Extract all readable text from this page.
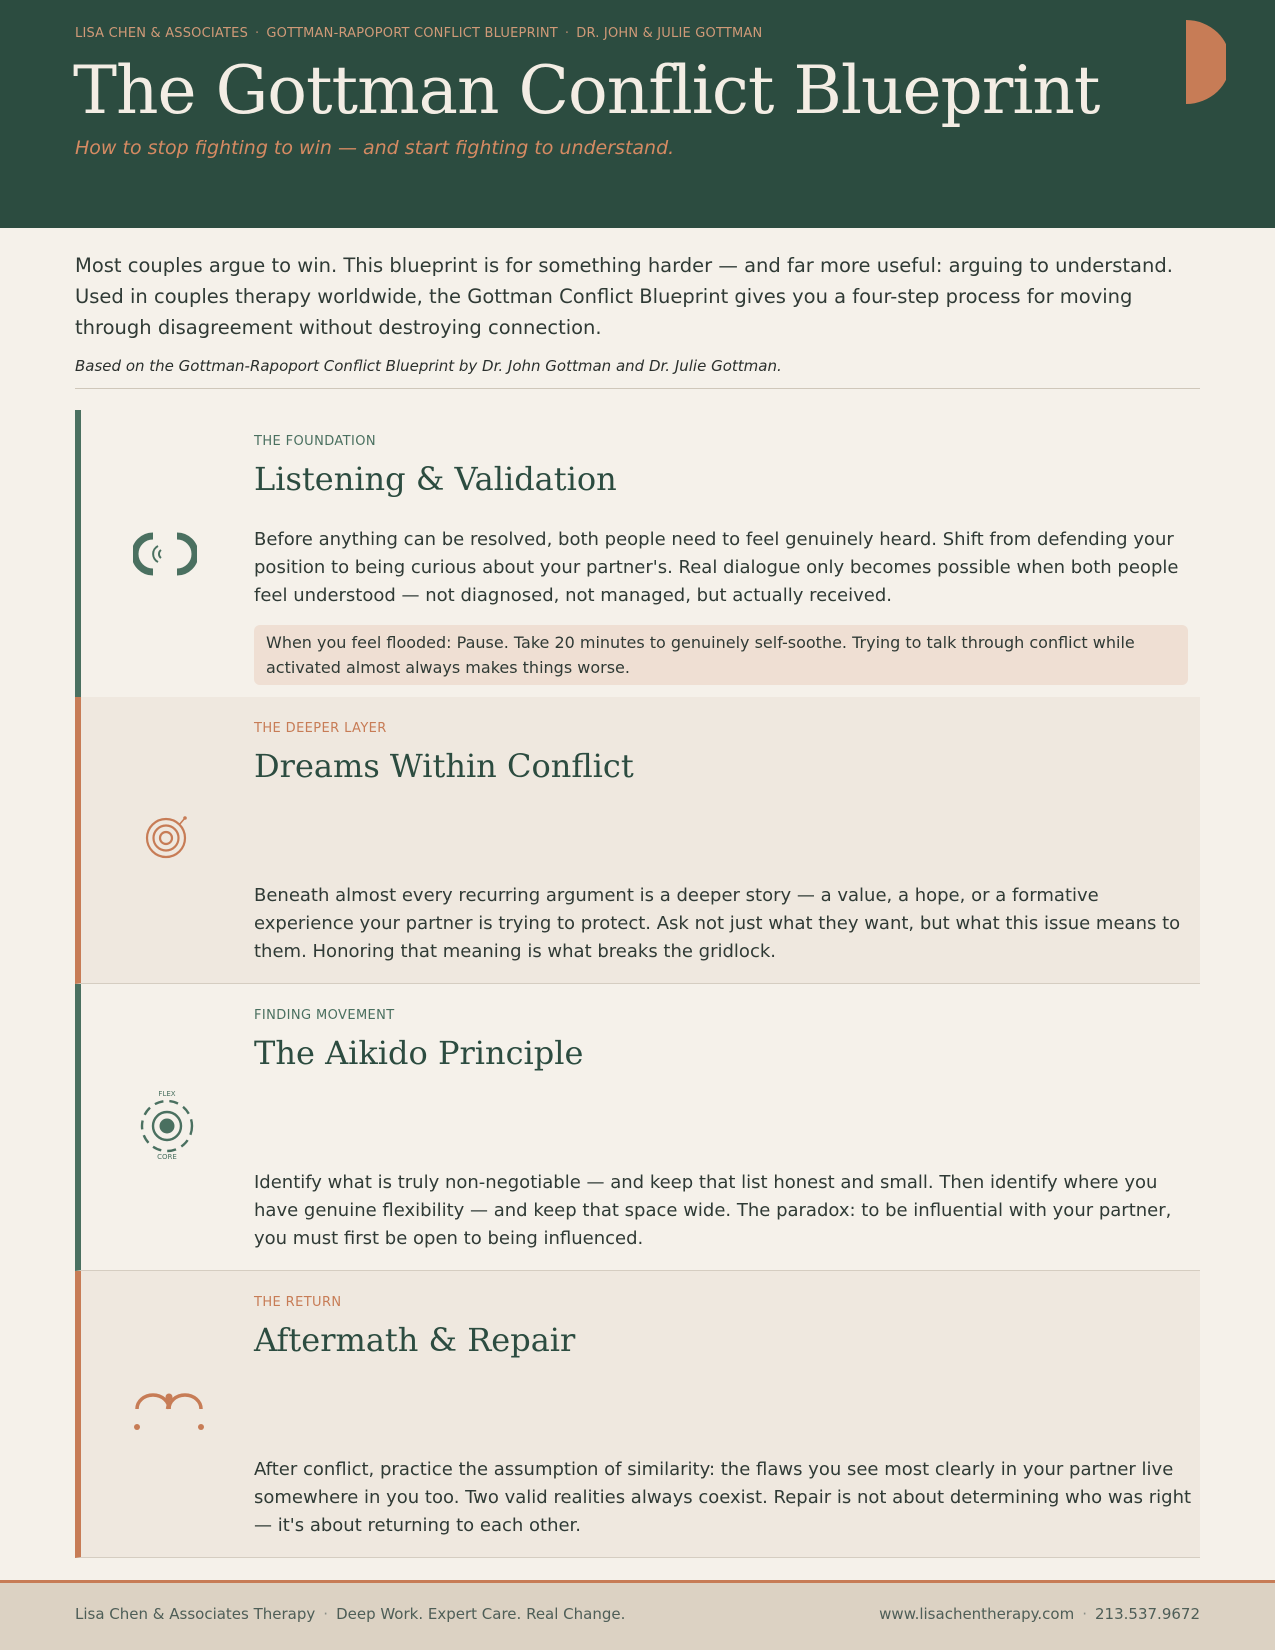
LISA CHEN & ASSOCIATES · GOTTMAN-RAPOPORT CONFLICT BLUEPRINT · DR. JOHN & JULIE GOTTMAN
The Gottman Conflict Blueprint
How to stop fighting to win — and start fighting to understand.

Most couples argue to win. This blueprint is for something harder — and far more useful: arguing to understand. Used in couples therapy worldwide, the Gottman Conflict Blueprint gives you a four-step process for moving through disagreement without destroying connection.

Based on the Gottman-Rapoport Conflict Blueprint by Dr. John Gottman and Dr. Julie Gottman.

THE FOUNDATION
Listening & Validation

Before anything can be resolved, both people need to feel genuinely heard. Shift from defending your position to being curious about your partner's. Real dialogue only becomes possible when both people feel understood — not diagnosed, not managed, but actually received.

When you feel flooded: Pause. Take 20 minutes to genuinely self-soothe. Trying to talk through conflict while activated almost always makes things worse.
THE DEEPER LAYER
Dreams Within Conflict

Beneath almost every recurring argument is a deeper story — a value, a hope, or a formative experience your partner is trying to protect. Ask not just what they want, but what this issue means to them. Honoring that meaning is what breaks the gridlock.

FLEX
CORE
FINDING MOVEMENT
The Aikido Principle

Identify what is truly non-negotiable — and keep that list honest and small. Then identify where you have genuine flexibility — and keep that space wide. The paradox: to be influential with your partner, you must first be open to being influenced.

THE RETURN
Aftermath & Repair

After conflict, practice the assumption of similarity: the flaws you see most clearly in your partner live somewhere in you too. Two valid realities always coexist. Repair is not about determining who was right — it's about returning to each other.

Lisa Chen & Associates Therapy · Deep Work. Expert Care. Real Change.	www.lisachentherapy.com · 213.537.9672
